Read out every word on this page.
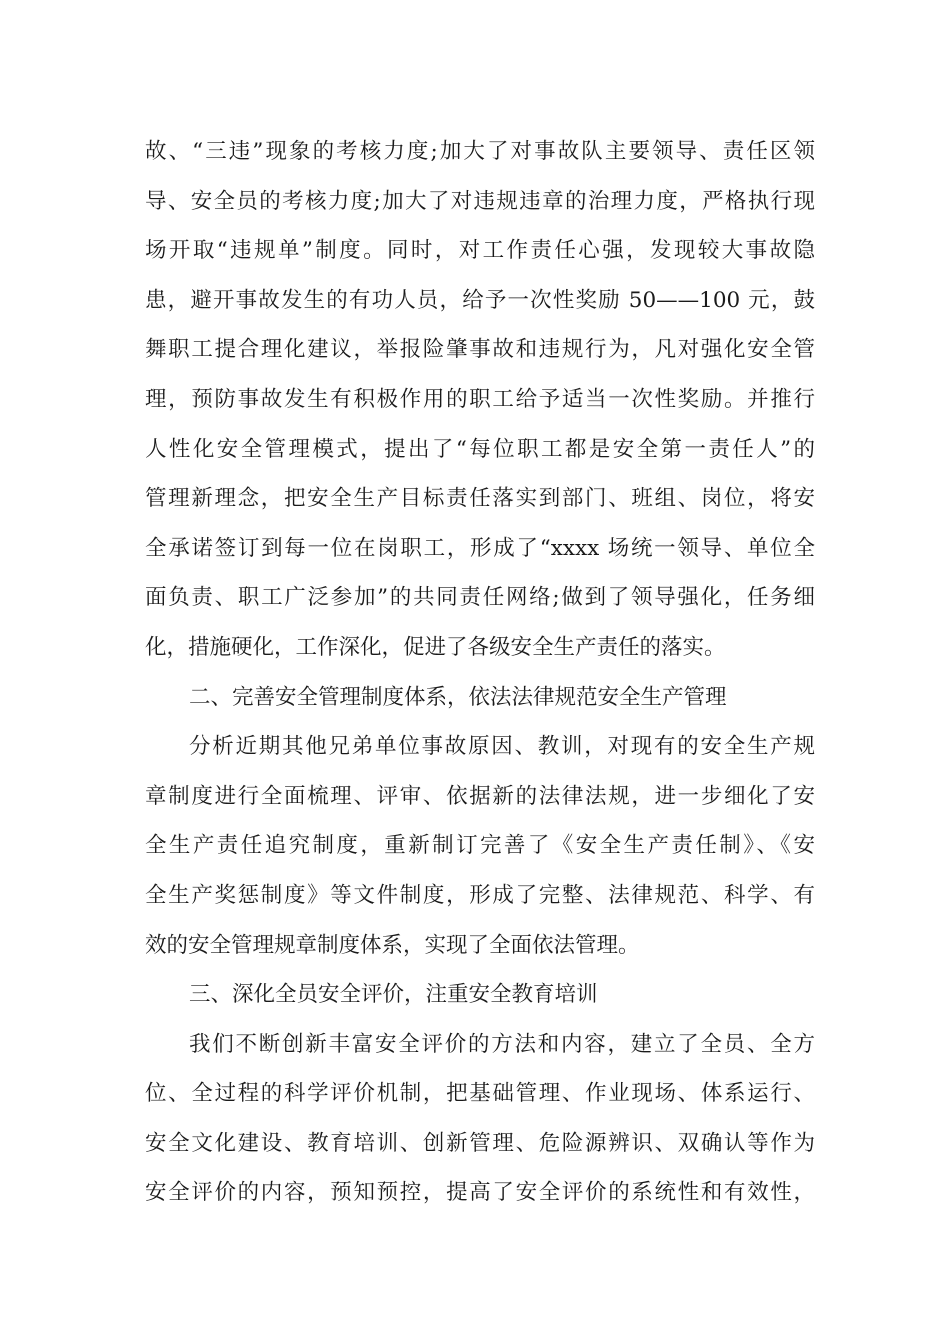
故、“三违”现象的考核力度;加大了对事故队主要领导、责任区领
导、安全员的考核力度;加大了对违规违章的治理力度，严格执行现
场开取“违规单”制度。同时，对工作责任心强，发现较大事故隐
患，避开事故发生的有功人员，给予一次性奖励 50——100 元，鼓
舞职工提合理化建议，举报险肇事故和违规行为，凡对强化安全管
理，预防事故发生有积极作用的职工给予适当一次性奖励。并推行
人性化安全管理模式，提出了“每位职工都是安全第一责任人”的
管理新理念，把安全生产目标责任落实到部门、班组、岗位，将安
全承诺签订到每一位在岗职工，形成了“xxxx 场统一领导、单位全
面负责、职工广泛参加”的共同责任网络;做到了领导强化，任务细
化，措施硬化，工作深化，促进了各级安全生产责任的落实。
二、完善安全管理制度体系，依法法律规范安全生产管理
分析近期其他兄弟单位事故原因、教训，对现有的安全生产规
章制度进行全面梳理、评审、依据新的法律法规，进一步细化了安
全生产责任追究制度，重新制订完善了《安全生产责任制》、《安
全生产奖惩制度》等文件制度，形成了完整、法律规范、科学、有
效的安全管理规章制度体系，实现了全面依法管理。
三、深化全员安全评价，注重安全教育培训
我们不断创新丰富安全评价的方法和内容，建立了全员、全方
位、全过程的科学评价机制，把基础管理、作业现场、体系运行、
安全文化建设、教育培训、创新管理、危险源辨识、双确认等作为
安全评价的内容，预知预控，提高了安全评价的系统性和有效性，
